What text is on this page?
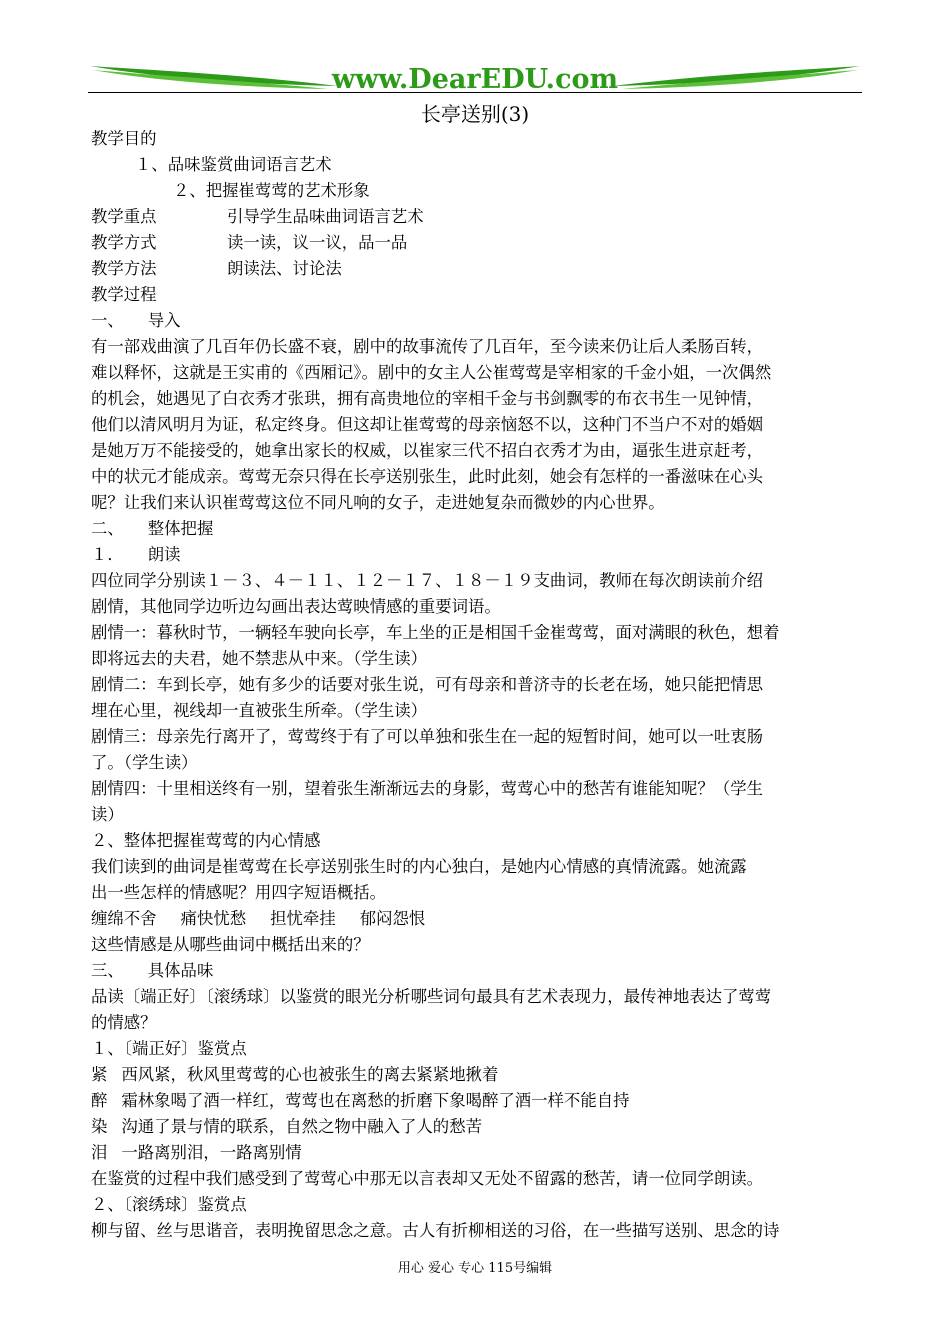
www.DearEDU.com
长亭送别(3)

教学目的

１、品味鉴赏曲词语言艺术

２、把握崔莺莺的艺术形象

教学重点	引导学生品味曲词语言艺术

教学方式	读一读，议一议，品一品

教学方法	朗读法、讨论法

教学过程

一、 导入

有一部戏曲演了几百年仍长盛不衰，剧中的故事流传了几百年，至今读来仍让后人柔肠百转，

难以释怀，这就是王实甫的《西厢记》。剧中的女主人公崔莺莺是宰相家的千金小姐，一次偶然

的机会，她遇见了白衣秀才张珙，拥有高贵地位的宰相千金与书剑飘零的布衣书生一见钟情，

他们以清风明月为证，私定终身。但这却让崔莺莺的母亲恼怒不以，这种门不当户不对的婚姻

是她万万不能接受的，她拿出家长的权威，以崔家三代不招白衣秀才为由，逼张生进京赶考，

中的状元才能成亲。莺莺无奈只得在长亭送别张生，此时此刻，她会有怎样的一番滋味在心头

呢？让我们来认识崔莺莺这位不同凡响的女子，走进她复杂而微妙的内心世界。

二、 整体把握

１． 朗读

四位同学分别读１－３、４－１１、１２－１７、１８－１９支曲词，教师在每次朗读前介绍

剧情，其他同学边听边勾画出表达莺映情感的重要词语。

剧情一：暮秋时节，一辆轻车驶向长亭，车上坐的正是相国千金崔莺莺，面对满眼的秋色，想着

即将远去的夫君，她不禁悲从中来。（学生读）

剧情二：车到长亭，她有多少的话要对张生说，可有母亲和普济寺的长老在场，她只能把情思

埋在心里，视线却一直被张生所牵。（学生读）

剧情三：母亲先行离开了，莺莺终于有了可以单独和张生在一起的短暂时间，她可以一吐衷肠

了。（学生读）

剧情四：十里相送终有一别，望着张生渐渐远去的身影，莺莺心中的愁苦有谁能知呢？（学生

读）

２、整体把握崔莺莺的内心情感

我们读到的曲词是崔莺莺在长亭送别张生时的内心独白，是她内心情感的真情流露。她流露

出一些怎样的情感呢？用四字短语概括。

缠绵不舍 痛快忧愁 担忧牵挂 郁闷怨恨

这些情感是从哪些曲词中概括出来的？

三、 具体品味

品读〔端正好〕〔滚绣球〕以鉴赏的眼光分析哪些词句最具有艺术表现力，最传神地表达了莺莺

的情感？

１、〔端正好〕鉴赏点

紧 西风紧，秋风里莺莺的心也被张生的离去紧紧地揪着

醉 霜林象喝了酒一样红，莺莺也在离愁的折磨下象喝醉了酒一样不能自持

染 沟通了景与情的联系，自然之物中融入了人的愁苦

泪 一路离别泪，一路离别情

在鉴赏的过程中我们感受到了莺莺心中那无以言表却又无处不留露的愁苦，请一位同学朗读。

２、〔滚绣球〕鉴赏点

柳与留、丝与思谐音，表明挽留思念之意。古人有折柳相送的习俗，在一些描写送别、思念的诗

用心 爱心 专心 115号编辑
